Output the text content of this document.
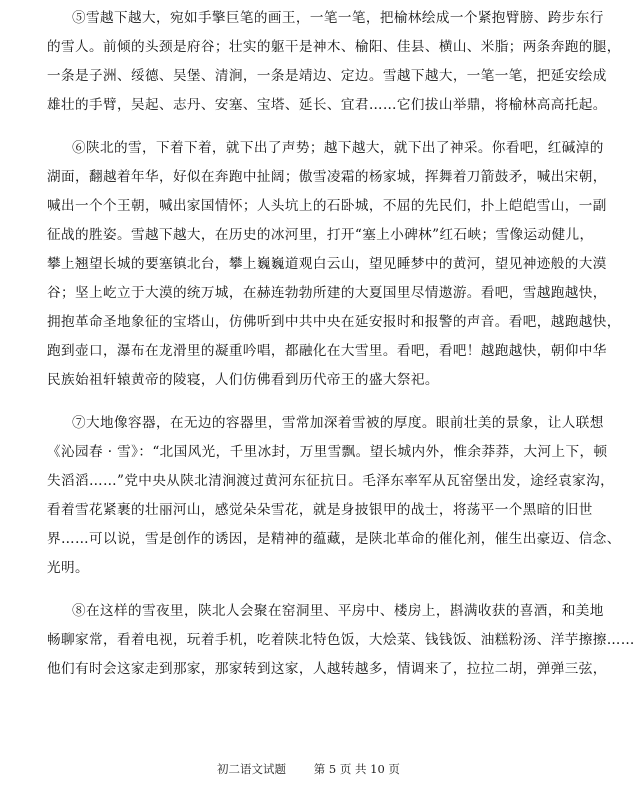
⑤雪越下越大，宛如手擎巨笔的画王，一笔一笔，把榆林绘成一个紧抱臂膀、跨步东行
的雪人。前倾的头颈是府谷；壮实的躯干是神木、榆阳、佳县、横山、米脂；两条奔跑的腿，
一条是子洲、绥德、吴堡、清涧，一条是靖边、定边。雪越下越大，一笔一笔，把延安绘成
雄壮的手臂，吴起、志丹、安塞、宝塔、延长、宜君……它们拔山举鼎，将榆林高高托起。
⑥陕北的雪，下着下着，就下出了声势；越下越大，就下出了神采。你看吧，红碱淖的
湖面，翻越着年华，好似在奔跑中扯阔；傲雪凌霜的杨家城，挥舞着刀箭鼓矛，喊出宋朝，
喊出一个个王朝，喊出家国情怀；人头坑上的石卧城，不屈的先民们，扑上皑皑雪山，一副
征战的胜姿。雪越下越大，在历史的冰河里，打开“塞上小碑林”红石峡；雪像运动健儿，
攀上翘望长城的要塞镇北台，攀上巍巍道观白云山，望见睡梦中的黄河，望见神迹般的大漠
谷；坚上屹立于大漠的统万城，在赫连勃勃所建的大夏国里尽情遨游。看吧，雪越跑越快，
拥抱革命圣地象征的宝塔山，仿佛听到中共中央在延安报时和报警的声音。看吧，越跑越快，
跑到壶口，瀑布在龙滑里的凝重吟唱，都融化在大雪里。看吧，看吧！越跑越快，朝仰中华
民族始祖轩辕黄帝的陵寝，人们仿佛看到历代帝王的盛大祭祀。
⑦大地像容器，在无边的容器里，雪常加深着雪被的厚度。眼前壮美的景象，让人联想
《沁园春 · 雪》：“北国风光，千里冰封，万里雪飘。望长城内外，惟余莽莽，大河上下，顿
失滔滔……”党中央从陕北清涧渡过黄河东征抗日。毛泽东率军从瓦窑堡出发，途经袁家沟，
看着雪花紧裹的壮丽河山，感觉朵朵雪花，就是身披银甲的战士，将荡平一个黑暗的旧世
界……可以说，雪是创作的诱因，是精神的蕴藏，是陕北革命的催化剂，催生出豪迈、信念、
光明。
⑧在这样的雪夜里，陕北人会聚在窑洞里、平房中、楼房上，斟满收获的喜酒，和美地
畅聊家常，看着电视，玩着手机，吃着陕北特色饭，大烩菜、钱钱饭、油糕粉汤、洋芋擦擦……
他们有时会这家走到那家，那家转到这家，人越转越多，情调来了，拉拉二胡，弹弹三弦，
初二语文试题 第 5 页 共 10 页
